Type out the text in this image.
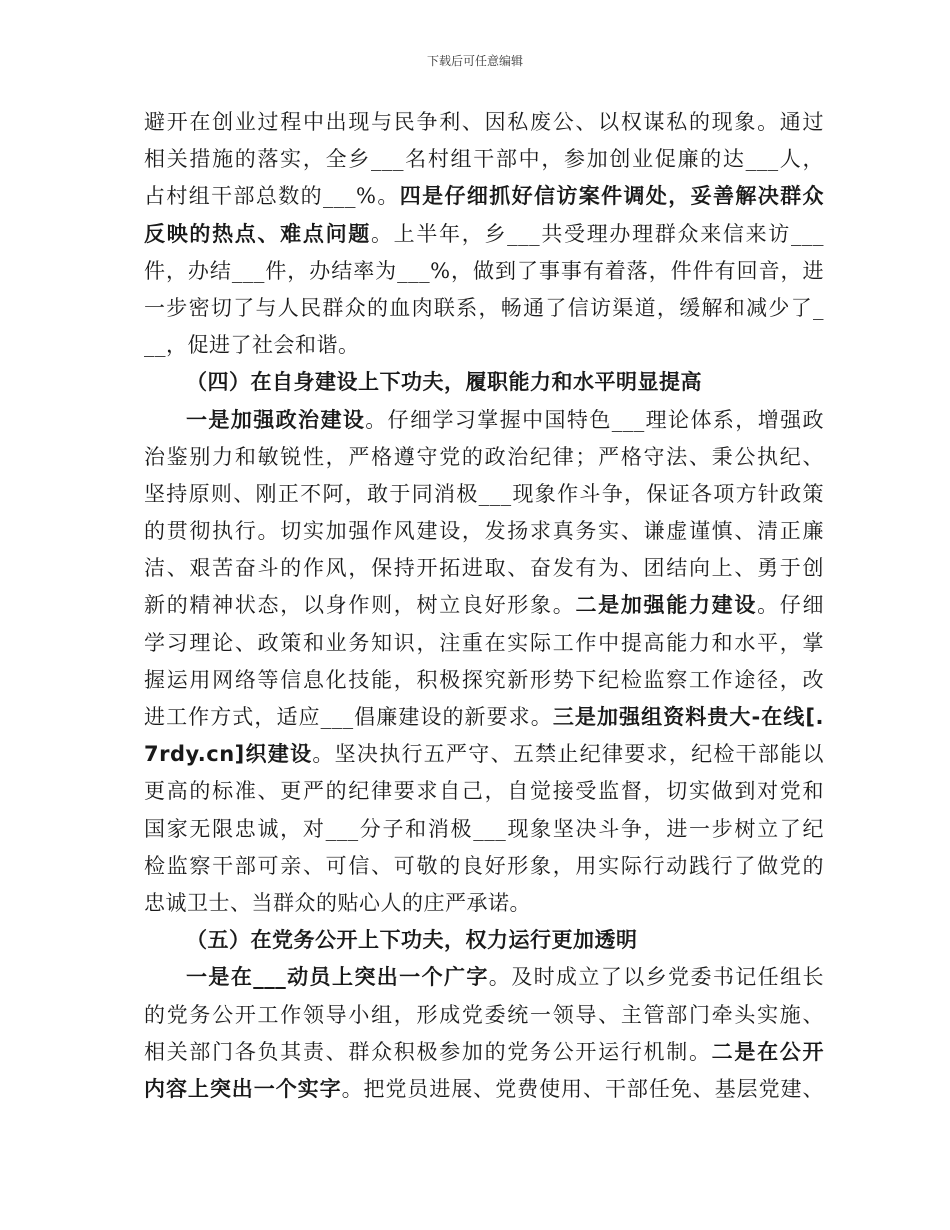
下载后可任意编辑
避开在创业过程中出现与民争利、因私废公、以权谋私的现象。通过
相关措施的落实，全乡___名村组干部中，参加创业促廉的达___人，
占村组干部总数的___%。四是仔细抓好信访案件调处，妥善解决群众
反映的热点、难点问题。上半年，乡___共受理办理群众来信来访___
件，办结___件，办结率为___%，做到了事事有着落，件件有回音，进
一步密切了与人民群众的血肉联系，畅通了信访渠道，缓解和减少了_
__，促进了社会和谐。
（四）在自身建设上下功夫，履职能力和水平明显提高
一是加强政治建设。仔细学习掌握中国特色___理论体系，增强政
治鉴别力和敏锐性，严格遵守党的政治纪律；严格守法、秉公执纪、
坚持原则、刚正不阿，敢于同消极___现象作斗争，保证各项方针政策
的贯彻执行。切实加强作风建设，发扬求真务实、谦虚谨慎、清正廉
洁、艰苦奋斗的作风，保持开拓进取、奋发有为、团结向上、勇于创
新的精神状态，以身作则，树立良好形象。二是加强能力建设。仔细
学习理论、政策和业务知识，注重在实际工作中提高能力和水平，掌
握运用网络等信息化技能，积极探究新形势下纪检监察工作途径，改
进工作方式，适应___倡廉建设的新要求。三是加强组资料贵大-在线[.
7rdy.cn]织建设。坚决执行五严守、五禁止纪律要求，纪检干部能以
更高的标准、更严的纪律要求自己，自觉接受监督，切实做到对党和
国家无限忠诚，对___分子和消极___现象坚决斗争，进一步树立了纪
检监察干部可亲、可信、可敬的良好形象，用实际行动践行了做党的
忠诚卫士、当群众的贴心人的庄严承诺。
（五）在党务公开上下功夫，权力运行更加透明
一是在___动员上突出一个广字。及时成立了以乡党委书记任组长
的党务公开工作领导小组，形成党委统一领导、主管部门牵头实施、
相关部门各负其责、群众积极参加的党务公开运行机制。二是在公开
内容上突出一个实字。把党员进展、党费使用、干部任免、基层党建、
